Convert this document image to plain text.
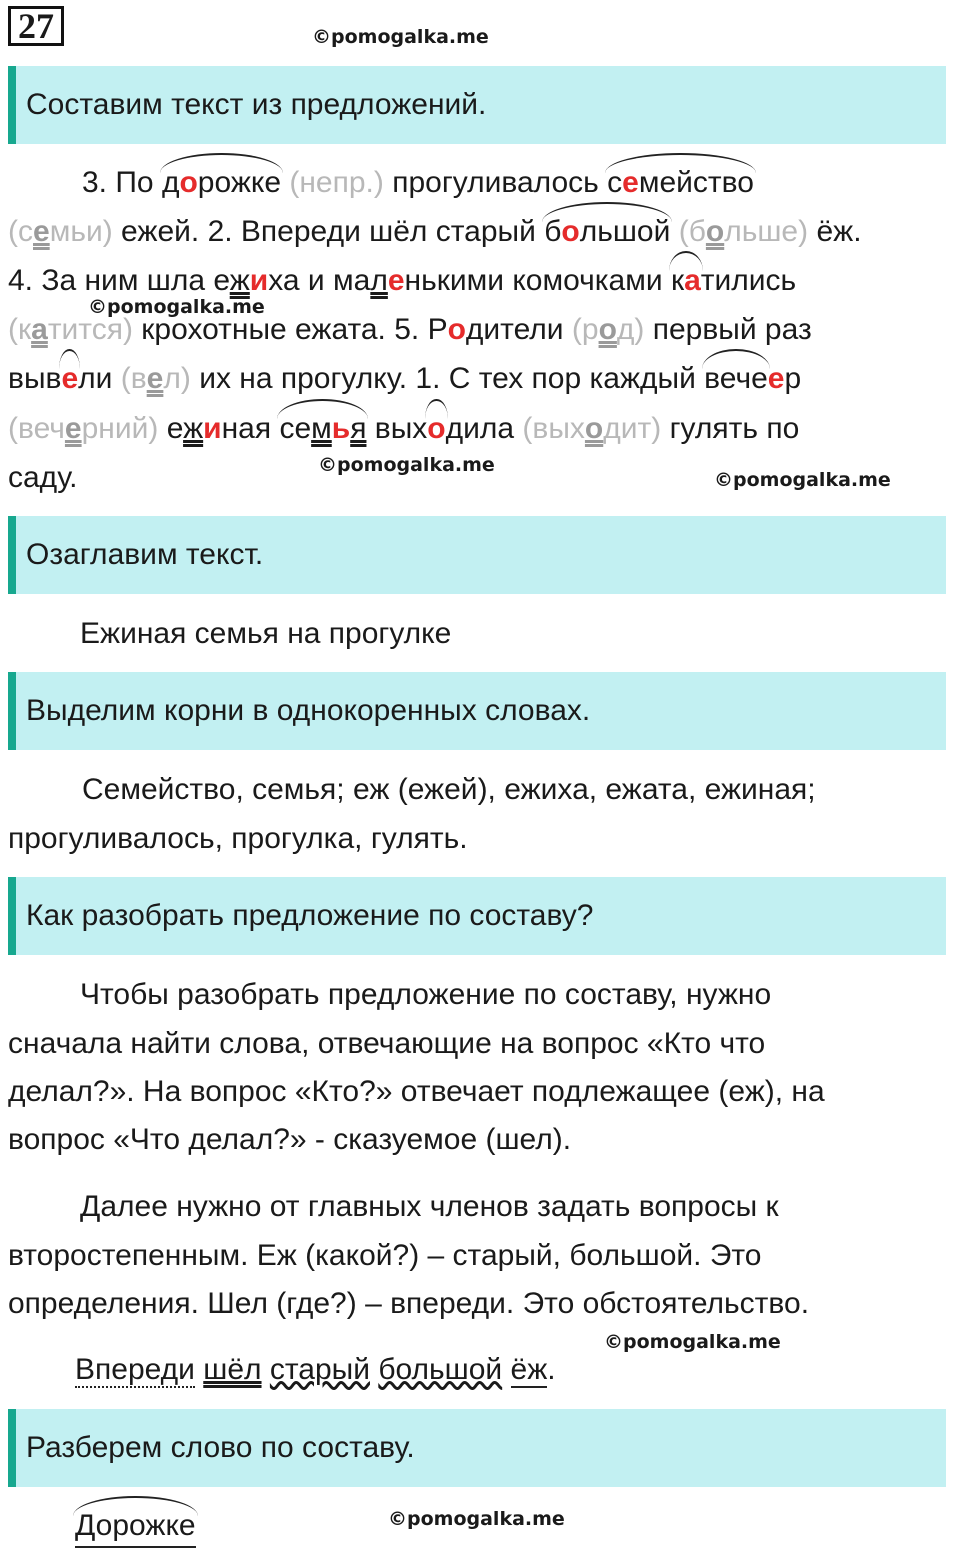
27	©pomogalka.me
Составим текст из предложений.
3. По дорожке (непр.) прогуливалось семейство
(семьи) ежей. 2. Впереди шёл старый большой (больше) ёж.
4. За ним шла ежиха и маленькими комочками катились
(катится) крохотные ежата. 5. Родители (род) первый раз
вывели (вел) их на прогулку. 1. С тех пор каждый вечеер
(вечерний) ежиная семья выходила (выходит) гулять по
саду.
©pomogalka.me
©pomogalka.me
©pomogalka.me
Озаглавим текст.
Ежиная семья на прогулке
Выделим корни в однокоренных словах.
Семейство, семья; еж (ежей), ежиха, ежата, ежиная;
прогуливалось, прогулка, гулять.
Как разобрать предложение по составу?
Чтобы разобрать предложение по составу, нужно
сначала найти слова, отвечающие на вопрос «Кто что
делал?». На вопрос «Кто?» отвечает подлежащее (еж), на
вопрос «Что делал?» - сказуемое (шел).
Далее нужно от главных членов задать вопросы к
второстепенным. Еж (какой?) – старый, большой. Это
определения. Шел (где?) – впереди. Это обстоятельство.
©pomogalka.me
Впереди шёл старый большой ёж.
Разберем слово по составу.
Дорожке	©pomogalka.me
